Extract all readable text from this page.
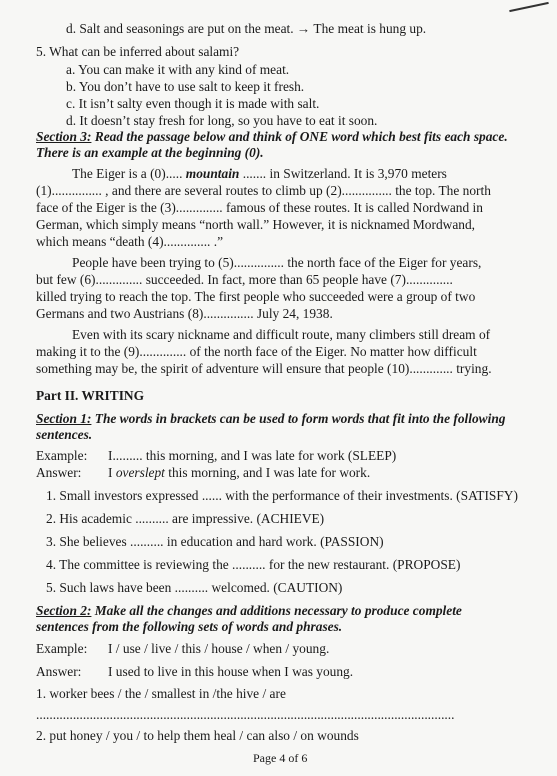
d. Salt and seasonings are put on the meat. → The meat is hung up.
5. What can be inferred about salami?
a. You can make it with any kind of meat.
b. You don’t have to use salt to keep it fresh.
c. It isn’t salty even though it is made with salt.
d. It doesn’t stay fresh for long, so you have to eat it soon.
Section 3: Read the passage below and think of ONE word which best fits each space.
There is an example at the beginning (0).
The Eiger is a (0)..... mountain ....... in Switzerland. It is 3,970 meters
(1)............... , and there are several routes to climb up (2)............... the top. The north
face of the Eiger is the (3).............. famous of these routes. It is called Nordwand in
German, which simply means “north wall.” However, it is nicknamed Mordwand,
which means “death (4).............. .”
People have been trying to (5)............... the north face of the Eiger for years,
but few (6).............. succeeded. In fact, more than 65 people have (7)..............
killed trying to reach the top. The first people who succeeded were a group of two
Germans and two Austrians (8)............... July 24, 1938.
Even with its scary nickname and difficult route, many climbers still dream of
making it to the (9).............. of the north face of the Eiger. No matter how difficult
something may be, the spirit of adventure will ensure that people (10)............. trying.
Part II. WRITING
Section 1: The words in brackets can be used to form words that fit into the following
sentences.
Example: I......... this morning, and I was late for work (SLEEP)
Answer: I overslept this morning, and I was late for work.
1. Small investors expressed ...... with the performance of their investments. (SATISFY)
2. His academic .......... are impressive. (ACHIEVE)
3. She believes .......... in education and hard work. (PASSION)
4. The committee is reviewing the .......... for the new restaurant. (PROPOSE)
5. Such laws have been .......... welcomed. (CAUTION)
Section 2: Make all the changes and additions necessary to produce complete
sentences from the following sets of words and phrases.
Example: I / use / live / this / house / when / young.
Answer: I used to live in this house when I was young.
1. worker bees / the / smallest in /the hive / are
.............................................................................................................................
2. put honey / you / to help them heal / can also / on wounds
Page 4 of 6
